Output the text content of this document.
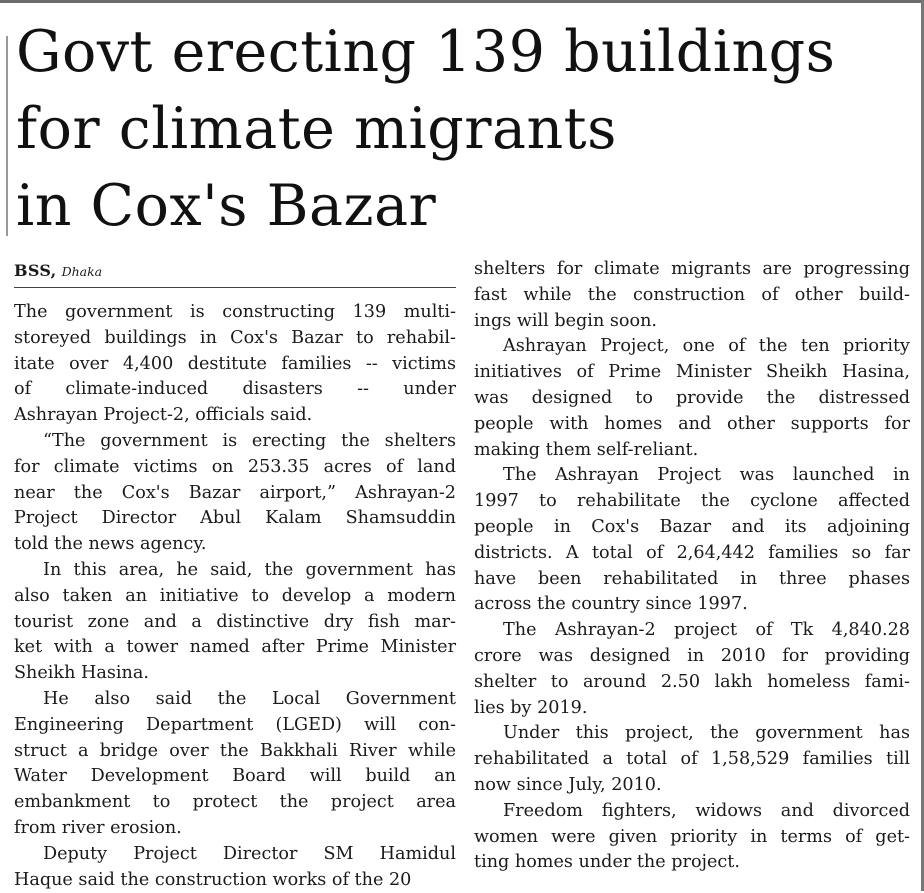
Govt erecting 139 buildings
for climate migrants
in Cox's Bazar
BSS, Dhaka

The government is constructing 139 multi-
storeyed buildings in Cox's Bazar to rehabil-
itate over 4,400 destitute families -- victims
of climate-induced disasters -- under
Ashrayan Project-2, officials said.

“The government is erecting the shelters
for climate victims on 253.35 acres of land
near the Cox's Bazar airport,” Ashrayan-2
Project Director Abul Kalam Shamsuddin
told the news agency.

In this area, he said, the government has
also taken an initiative to develop a modern
tourist zone and a distinctive dry fish mar-
ket with a tower named after Prime Minister
Sheikh Hasina.

He also said the Local Government
Engineering Department (LGED) will con-
struct a bridge over the Bakkhali River while
Water Development Board will build an
embankment to protect the project area
from river erosion.

Deputy Project Director SM Hamidul
Haque said the construction works of the 20

shelters for climate migrants are progressing
fast while the construction of other build-
ings will begin soon.

Ashrayan Project, one of the ten priority
initiatives of Prime Minister Sheikh Hasina,
was designed to provide the distressed
people with homes and other supports for
making them self-reliant.

The Ashrayan Project was launched in
1997 to rehabilitate the cyclone affected
people in Cox's Bazar and its adjoining
districts. A total of 2,64,442 families so far
have been rehabilitated in three phases
across the country since 1997.

The Ashrayan-2 project of Tk 4,840.28
crore was designed in 2010 for providing
shelter to around 2.50 lakh homeless fami-
lies by 2019.

Under this project, the government has
rehabilitated a total of 1,58,529 families till
now since July, 2010.

Freedom fighters, widows and divorced
women were given priority in terms of get-
ting homes under the project.
